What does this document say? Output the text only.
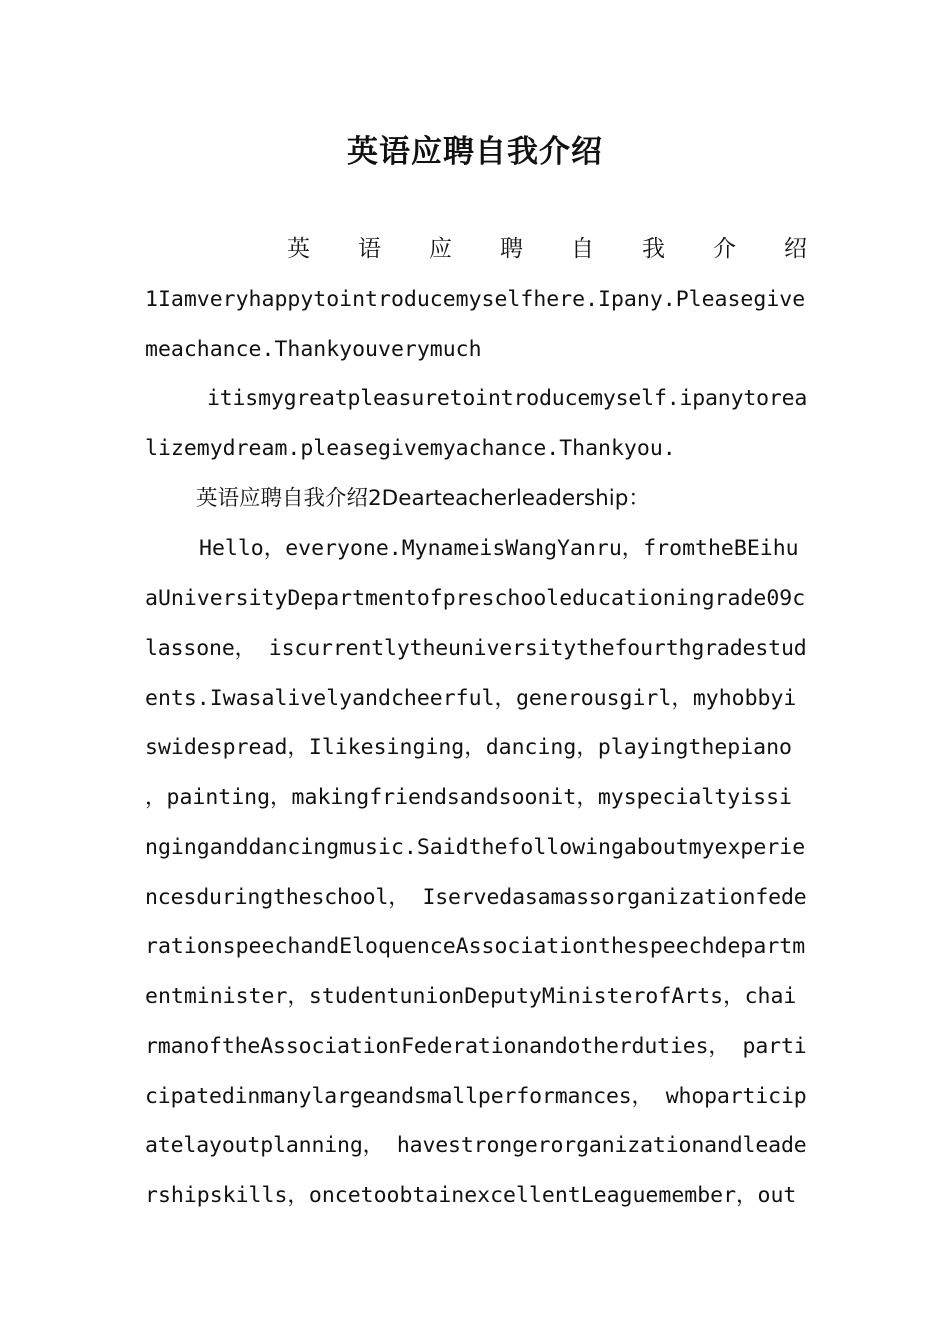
英语应聘自我介绍
英 语 应 聘 自 我 介 绍
1Iamveryhappytointroducemyselfhere.Ipany.Pleasegive
meachance.Thankyouverymuch
itismygreatpleasuretointroducemyself.ipanytorea
lizemydream.pleasegivemyachance.Thankyou.
英语应聘自我介绍2Dearteacherleadership：
Hello，everyone.MynameisWangYanru，fromtheBEihu
aUniversityDepartmentofpreschooleducationingrade09c
lassone， iscurrentlytheuniversitythefourthgradestud
ents.Iwasalivelyandcheerful，generousgirl，myhobbyi
swidespread，Ilikesinging，dancing，playingthepiano
，painting，makingfriendsandsoonit，myspecialtyissi
nginganddancingmusic.Saidthefollowingaboutmyexperie
ncesduringtheschool， Iservedasamassorganizationfede
rationspeechandEloquenceAssociationthespeechdepartm
entminister，studentunionDeputyMinisterofArts，chai
rmanoftheAssociationFederationandotherduties， parti
cipatedinmanylargeandsmallperformances， whoparticip
atelayoutplanning， havestrongerorganizationandleade
rshipskills，oncetoobtainexcellentLeaguemember，out
